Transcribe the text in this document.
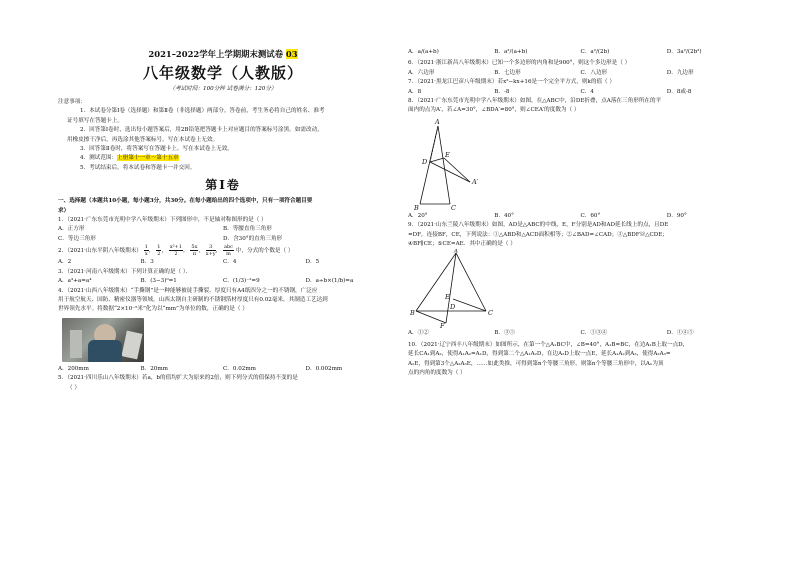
2021–2022学年上学期期末测试卷 03

八年级数学（人教版）

（考试时间：100分钟 试卷满分：120分）

注意事项：

1．本试卷分第Ⅰ卷（选择题）和第Ⅱ卷（非选择题）两部分。答卷前，考生务必将自己的姓名、准考

证号填写在答题卡上。

2．回答第Ⅰ卷时，选出每小题答案后，用2B铅笔把答题卡上对应题目的答案标号涂黑。如需改动，

用橡皮擦干净后，再选涂其他答案标号。写在本试卷上无效。

3．回答第Ⅱ卷时，将答案写在答题卡上。写在本试卷上无效。

4．测试范围：上册第十一章～第十五章

5．考试结束后，将本试卷和答题卡一并交回。

第Ⅰ卷

一、选择题（本题共10小题，每小题3分，共30分。在每小题给出的四个选项中，只有一项符合题目要

求）

1．（2021·广东东莞市光明中学八年级期末）下列图形中，不是轴对称图形的是（ ）

A．正方形	B．等腰直角三角形
C．等边三角形	D．含30°的直角三角形

2．（2021·山东平阴八年级期末） $\frac{1}{x}$ ， $\frac{1}{2}$ ， $\frac{\text{x²+1}}{2}$ ， $\frac{5x}{\pi}$ ， $\frac{3}{x+y}$ ， $\frac{\text{abc}}{m}$ 中，分式的个数是（ ）

A．2	B．3	C．4	D．5

3．（2021·河南八年级期末）下列计算正确的是（ ）．

A．a³+a=a⁴	B．(3−3)⁰=1	C．(1/3)⁻²=9	D．a÷b×(1/b)=a

4．（2021·山西八年级期末）“手撕钢”是一种能够被徒手撕裂、厚度只有A4纸四分之一的不锈钢，广泛应

用于航空航天、国防、精密仪器等领域。山西太钢自主研制的不锈钢箔材厚度只有0.02毫米，其制造工艺达到

世界领先水平。将数据“2×10⁻⁵米”化为以“mm”为单位的数，正确的是（ ）

A．200mm	B．20mm	C．0.02mm	D．0.002mm

5．（2021·四川乐山八年级期末）若a，b的值均扩大为原来的2倍，则下列分式的值保持不变的是

（ ）

A．a/(a+b)	B．a²/(a+b)	C．a²/(2b)	D．3a²/(2b²)

6．（2021·浙江新昌八年级期末）已知一个多边形的内角和是900°，则这个多边形是（ ）

A．六边形	B．七边形	C．八边形	D．九边形

7．（2021·黑龙江巴彦八年级期末）若x²−kx+16是一个完全平方式，则k的值（ ）

A．8	B．-8	C．4	D．8或-8

8．（2021·广东东莞市光明中学八年级期末）如图，在△ABC中，沿DE折叠，点A落在三角形所在的平

面内的点为A′，若∠A=30°，∠BDA′=80°，则∠CEA′的度数为（ ）

A
D
E
A′
B	C
A．20°	B．40°	C．60°	D．90°

9．（2021·山东兰陵八年级期末）如图，AD是△ABC的中线，E，F分别是AD和AD延长线上的点，且DE

=DF，连接BF，CE，下列说法：①△ABD和△ACD面积相等；②∠BAD=∠CAD；③△BDF≌△CDE；

④BF∥CE；⑤CE=AE．其中正确的是（ ）

A
E
B
D
C
F
A．①②	B．③⑤	C．①③④	D．①④⑤

10．（2021·辽宁西丰八年级期末）如图所示，在第一个△A₁BC中，∠B=40°，A₁B=BC，在边A₁B上取一点D，

延长CA₁到A₂，使得A₁A₂=A₁D，得到第二个△A₁A₂D，在边A₂D上取一点E，延长A₁A₂到A₃，使得A₂A₃=

A₂E，得到第3个△A₂A₃E，……如此类推，可得到第n个等腰三角形，则第n个等腰三角形中，以Aₙ为顶

点的内角的度数为（ ）
